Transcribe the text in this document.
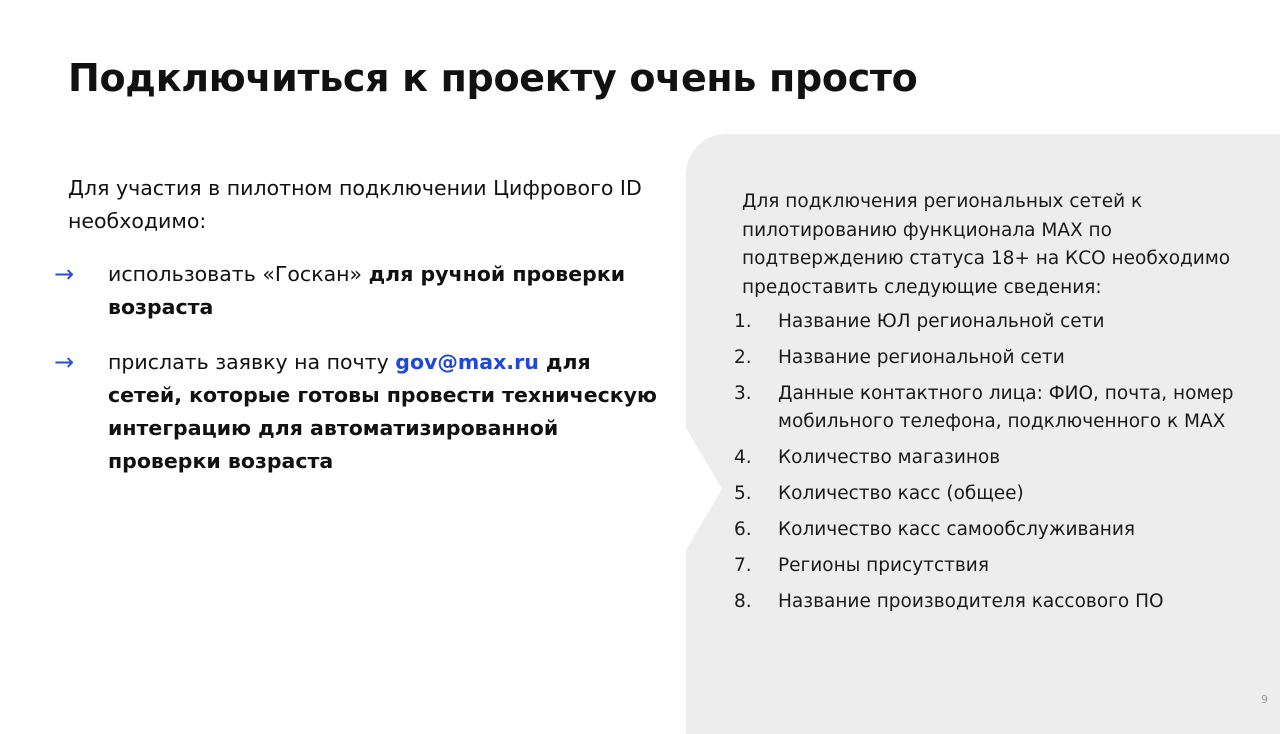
Подключиться к проекту очень просто

Для участия в пилотном подключении Цифрового ID необходимо:

→ использовать «Госкан» для ручной проверки возраста
→ прислать заявку на почту gov@max.ru для сетей, которые готовы провести техническую интеграцию для автоматизированной проверки возраста

Для подключения региональных сетей к пилотированию функционала МАХ по подтверждению статуса 18+ на КСО необходимо предоставить следующие сведения:

1. Название ЮЛ региональной сети
2. Название региональной сети
3. Данные контактного лица: ФИО, почта, номер мобильного телефона, подключенного к МАХ
4. Количество магазинов
5. Количество касс (общее)
6. Количество касс самообслуживания
7. Регионы присутствия
8. Название производителя кассового ПО
9
